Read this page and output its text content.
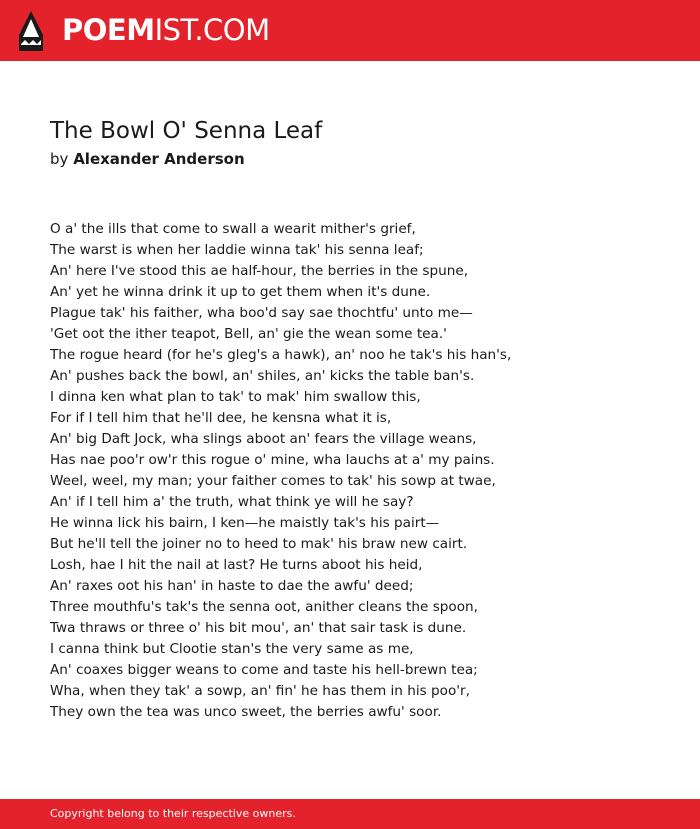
POEMIST.COM
The Bowl O' Senna Leaf
by Alexander Anderson
O a' the ills that come to swall a wearit mither's grief,
The warst is when her laddie winna tak' his senna leaf;
An' here I've stood this ae half-hour, the berries in the spune,
An' yet he winna drink it up to get them when it's dune.
Plague tak' his faither, wha boo'd say sae thochtfu' unto me—
'Get oot the ither teapot, Bell, an' gie the wean some tea.'
The rogue heard (for he's gleg's a hawk), an' noo he tak's his han's,
An' pushes back the bowl, an' shiles, an' kicks the table ban's.
I dinna ken what plan to tak' to mak' him swallow this,
For if I tell him that he'll dee, he kensna what it is,
An' big Daft Jock, wha slings aboot an' fears the village weans,
Has nae poo'r ow'r this rogue o' mine, wha lauchs at a' my pains.
Weel, weel, my man; your faither comes to tak' his sowp at twae,
An' if I tell him a' the truth, what think ye will he say?
He winna lick his bairn, I ken—he maistly tak's his pairt—
But he'll tell the joiner no to heed to mak' his braw new cairt.
Losh, hae I hit the nail at last? He turns aboot his heid,
An' raxes oot his han' in haste to dae the awfu' deed;
Three mouthfu's tak's the senna oot, anither cleans the spoon,
Twa thraws or three o' his bit mou', an' that sair task is dune.
I canna think but Clootie stan's the very same as me,
An' coaxes bigger weans to come and taste his hell-brewn tea;
Wha, when they tak' a sowp, an' fin' he has them in his poo'r,
They own the tea was unco sweet, the berries awfu' soor.
Copyright belong to their respective owners.
